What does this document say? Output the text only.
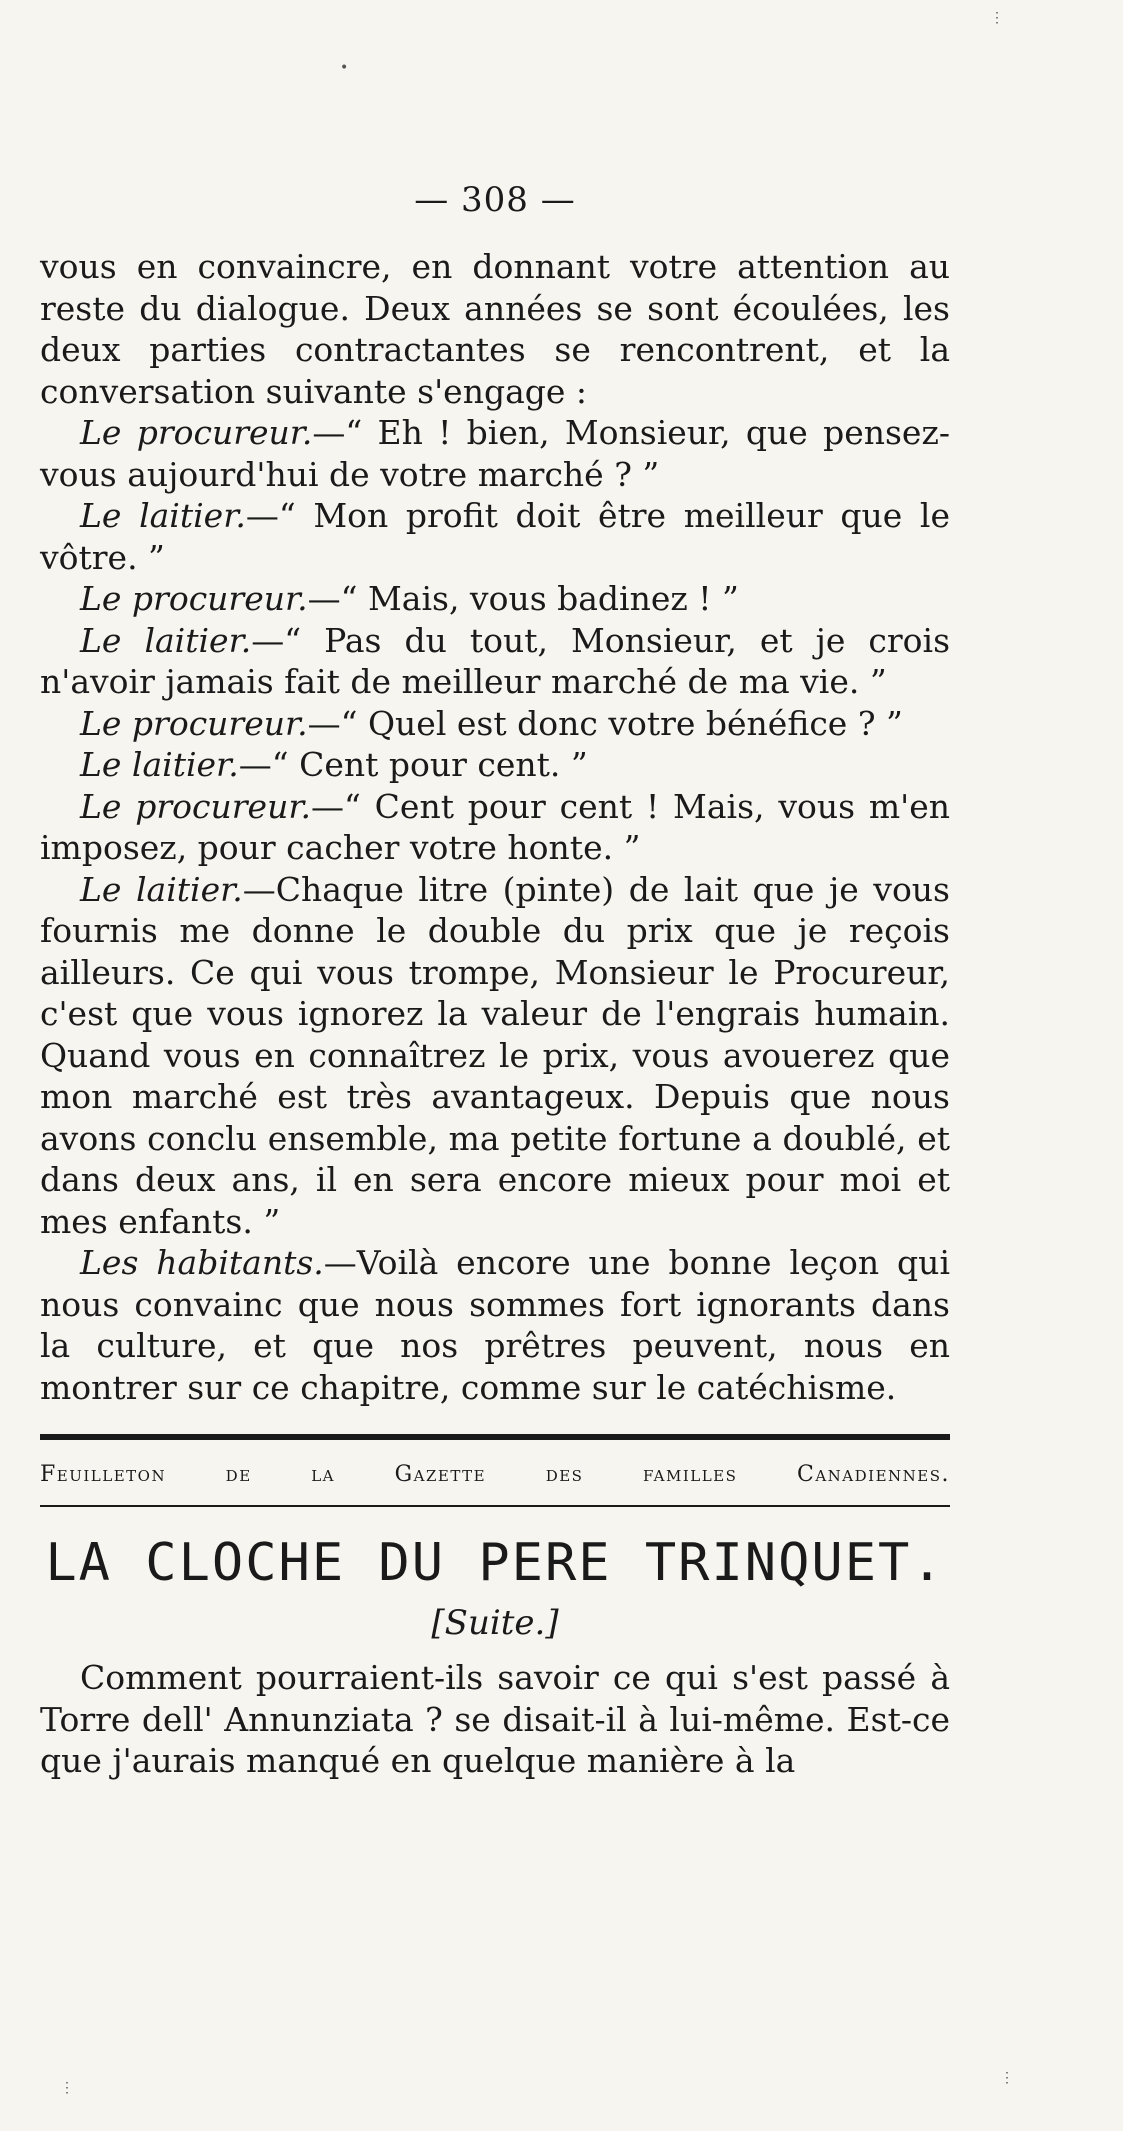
— 308 —

vous en convaincre, en donnant votre attention au reste du dialogue. Deux années se sont écoulées, les deux parties contractantes se rencontrent, et la conversation suivante s'engage :

Le procureur.—“ Eh ! bien, Monsieur, que pensez-vous aujourd'hui de votre marché ? ”

Le laitier.—“ Mon profit doit être meilleur que le vôtre. ”

Le procureur.—“ Mais, vous badinez ! ”

Le laitier.—“ Pas du tout, Monsieur, et je crois n'avoir jamais fait de meilleur marché de ma vie. ”

Le procureur.—“ Quel est donc votre bénéfice ? ”

Le laitier.—“ Cent pour cent. ”

Le procureur.—“ Cent pour cent ! Mais, vous m'en imposez, pour cacher votre honte. ”

Le laitier.—Chaque litre (pinte) de lait que je vous fournis me donne le double du prix que je reçois ailleurs. Ce qui vous trompe, Monsieur le Procureur, c'est que vous ignorez la valeur de l'engrais humain. Quand vous en connaîtrez le prix, vous avouerez que mon marché est très avantageux. Depuis que nous avons conclu ensemble, ma petite fortune a doublé, et dans deux ans, il en sera encore mieux pour moi et mes enfants. ”

Les habitants.—Voilà encore une bonne leçon qui nous convainc que nous sommes fort ignorants dans la culture, et que nos prêtres peuvent, nous en montrer sur ce chapitre, comme sur le catéchisme.

Feuilleton de la Gazette des familles Canadiennes.
LA CLOCHE DU PERE TRINQUET.
[Suite.]

Comment pourraient-ils savoir ce qui s'est passé à Torre dell' Annunziata ? se disait-il à lui-même. Est-ce que j'aurais manqué en quelque manière à la

•
⋮
⋮
⋮
